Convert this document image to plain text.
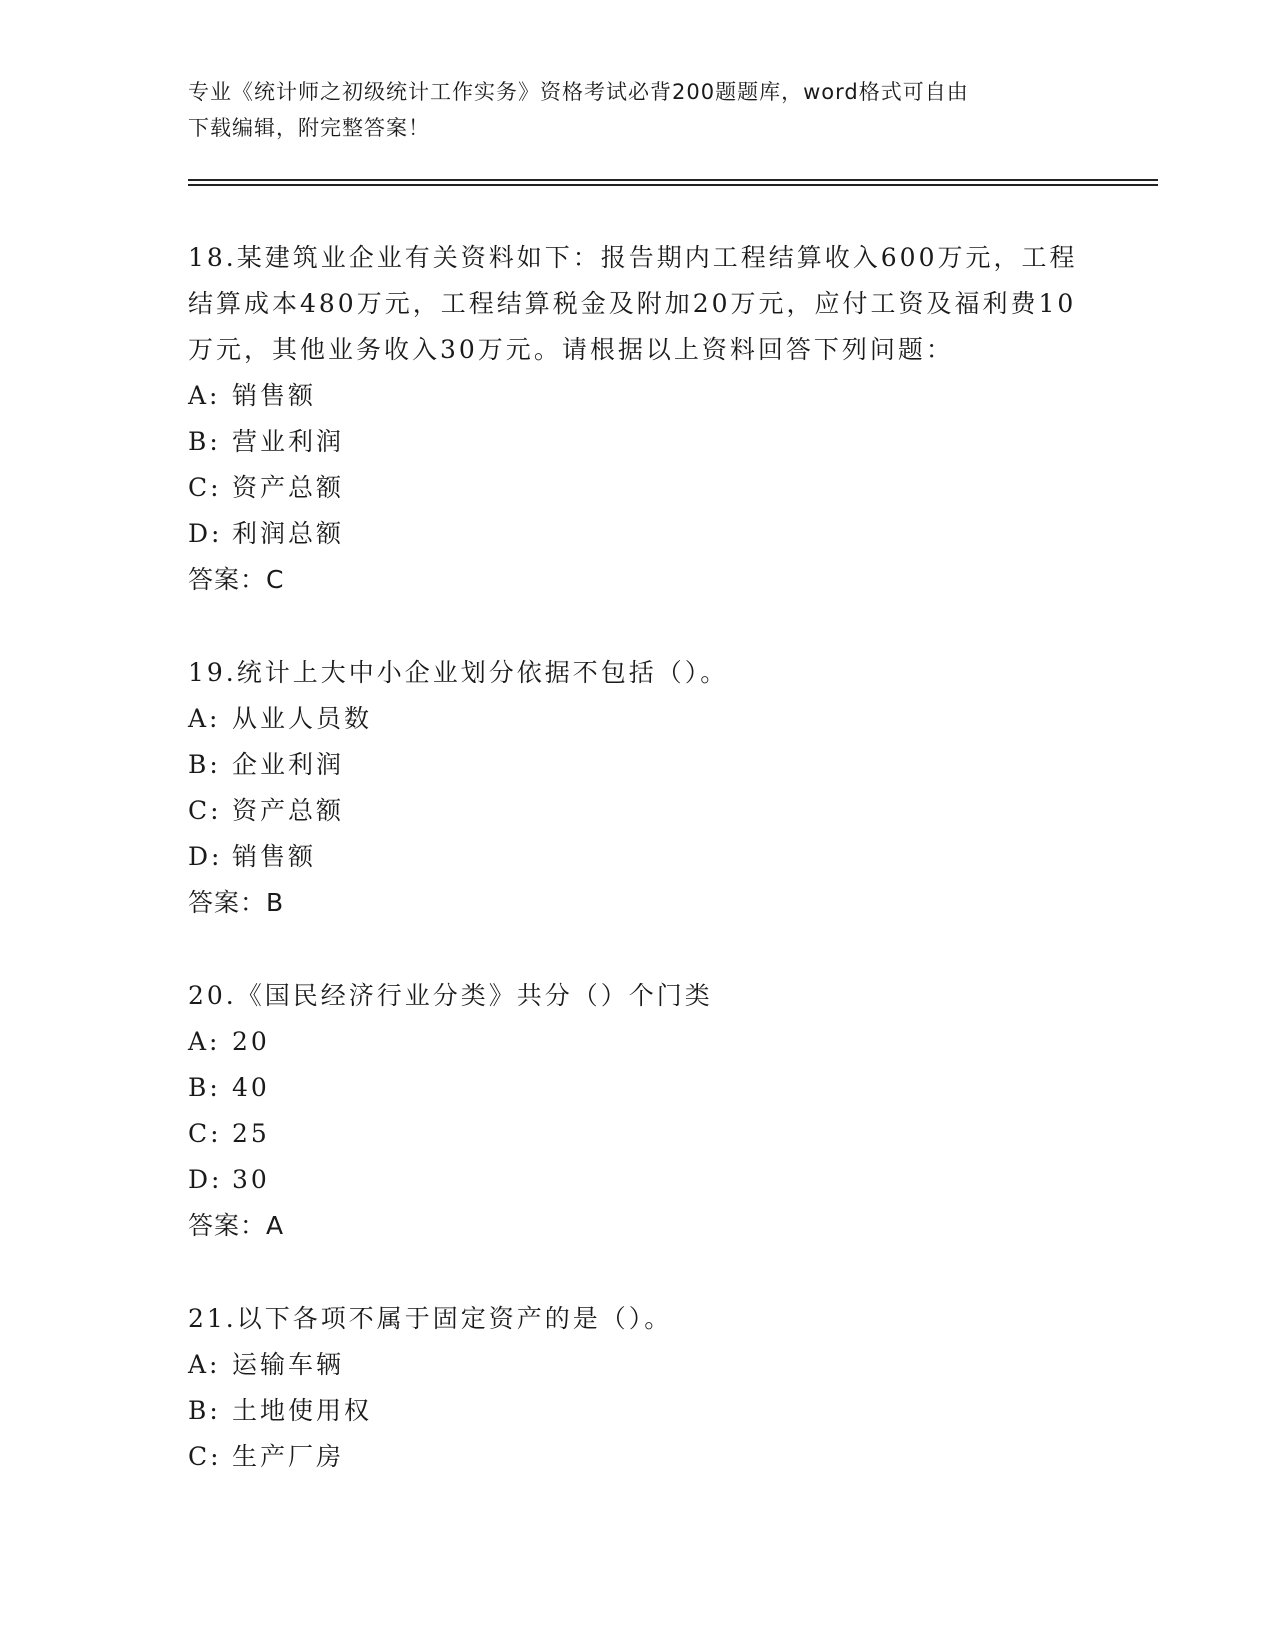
专业《统计师之初级统计工作实务》资格考试必背200题题库，word格式可自由
下载编辑，附完整答案！
18.某建筑业企业有关资料如下：报告期内工程结算收入600万元，工程结算成本480万元，工程结算税金及附加20万元，应付工资及福利费10万元，其他业务收入30万元。请根据以上资料回答下列问题：
A: 销售额
B: 营业利润
C: 资产总额
D: 利润总额
答案：C
19.统计上大中小企业划分依据不包括（）。
A: 从业人员数
B: 企业利润
C: 资产总额
D: 销售额
答案：B
20.《国民经济行业分类》共分（）个门类
A: 20
B: 40
C: 25
D: 30
答案：A
21.以下各项不属于固定资产的是（）。
A: 运输车辆
B: 土地使用权
C: 生产厂房
